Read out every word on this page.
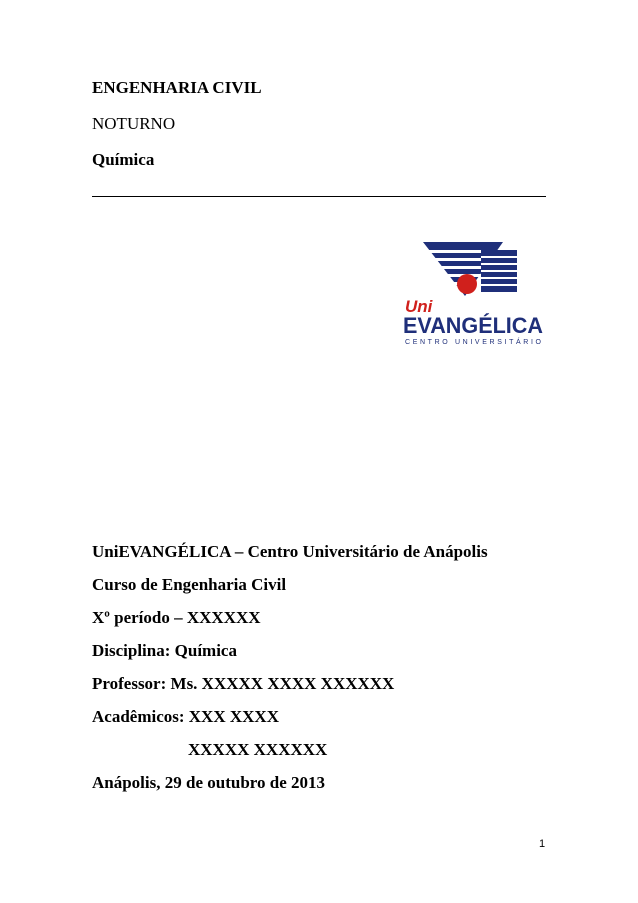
ENGENHARIA CIVIL
NOTURNO
Química
Uni
EVANGÉLICA
CENTRO UNIVERSITÁRIO
UniEVANGÉLICA – Centro Universitário de Anápolis
Curso de Engenharia Civil
Xº período – XXXXXX
Disciplina: Química
Professor: Ms. XXXXX XXXX XXXXXX
Acadêmicos: XXX XXXX
XXXXX XXXXXX
Anápolis, 29 de outubro de 2013
1
